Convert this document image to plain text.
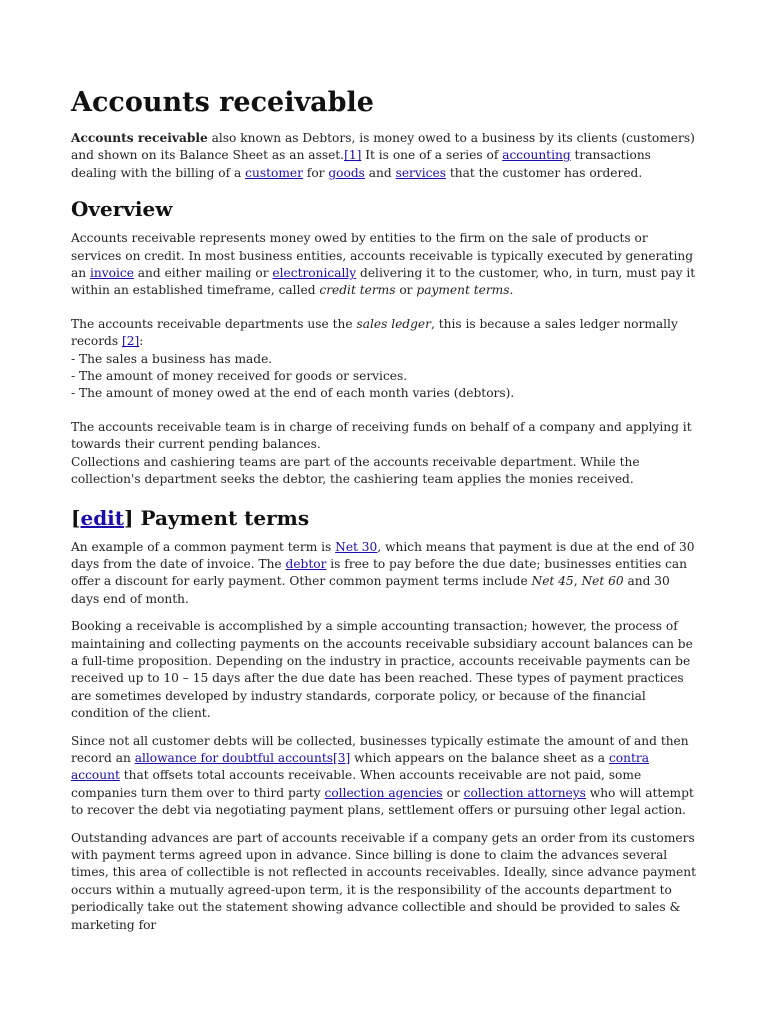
Accounts receivable

Accounts receivable also known as Debtors, is money owed to a business by its clients (customers) and shown on its Balance Sheet as an asset.[1] It is one of a series of accounting transactions dealing with the billing of a customer for goods and services that the customer has ordered.

Overview

Accounts receivable represents money owed by entities to the firm on the sale of products or services on credit. In most business entities, accounts receivable is typically executed by generating an invoice and either mailing or electronically delivering it to the customer, who, in turn, must pay it within an established timeframe, called credit terms or payment terms.

The accounts receivable departments use the sales ledger, this is because a sales ledger normally records [2]:
- The sales a business has made.
- The amount of money received for goods or services.
- The amount of money owed at the end of each month varies (debtors).

The accounts receivable team is in charge of receiving funds on behalf of a company and applying it towards their current pending balances.
Collections and cashiering teams are part of the accounts receivable department. While the collection's department seeks the debtor, the cashiering team applies the monies received.

[edit] Payment terms

An example of a common payment term is Net 30, which means that payment is due at the end of 30 days from the date of invoice. The debtor is free to pay before the due date; businesses entities can offer a discount for early payment. Other common payment terms include Net 45, Net 60 and 30 days end of month.

Booking a receivable is accomplished by a simple accounting transaction; however, the process of maintaining and collecting payments on the accounts receivable subsidiary account balances can be a full-time proposition. Depending on the industry in practice, accounts receivable payments can be received up to 10 – 15 days after the due date has been reached. These types of payment practices are sometimes developed by industry standards, corporate policy, or because of the financial condition of the client.

Since not all customer debts will be collected, businesses typically estimate the amount of and then record an allowance for doubtful accounts[3] which appears on the balance sheet as a contra account that offsets total accounts receivable. When accounts receivable are not paid, some companies turn them over to third party collection agencies or collection attorneys who will attempt to recover the debt via negotiating payment plans, settlement offers or pursuing other legal action.

Outstanding advances are part of accounts receivable if a company gets an order from its customers with payment terms agreed upon in advance. Since billing is done to claim the advances several times, this area of collectible is not reflected in accounts receivables. Ideally, since advance payment occurs within a mutually agreed-upon term, it is the responsibility of the accounts department to periodically take out the statement showing advance collectible and should be provided to sales & marketing for
